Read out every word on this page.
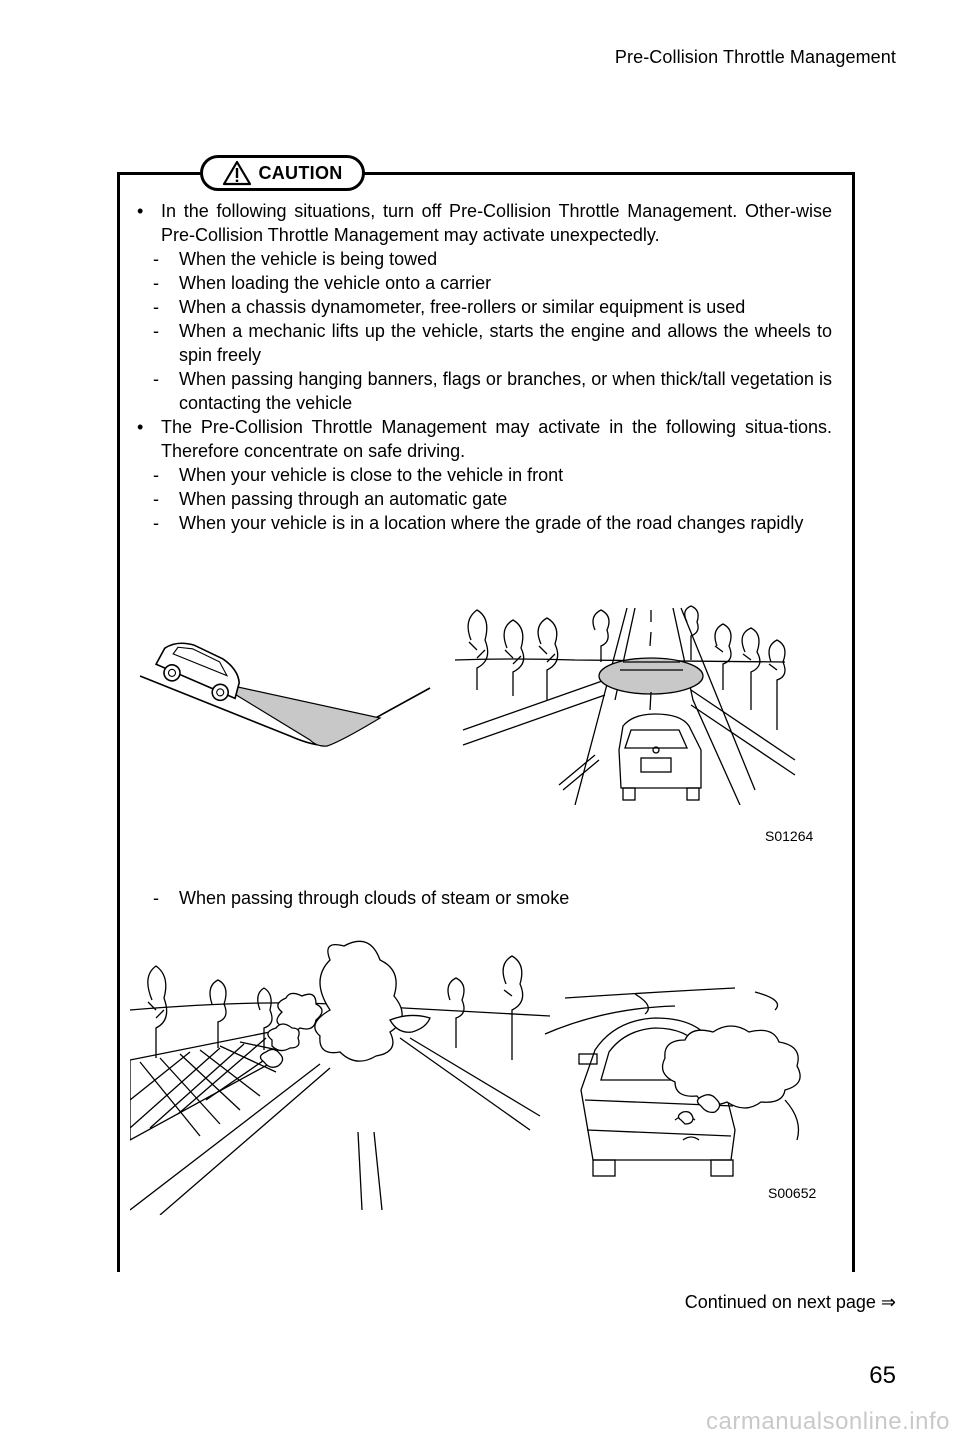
Pre-Collision Throttle Management
CAUTION
• In the following situations, turn off Pre-Collision Throttle Management. Other-wise Pre-Collision Throttle Management may activate unexpectedly.
- When the vehicle is being towed
- When loading the vehicle onto a carrier
- When a chassis dynamometer, free-rollers or similar equipment is used
- When a mechanic lifts up the vehicle, starts the engine and allows the wheels to spin freely
- When passing hanging banners, flags or branches, or when thick/tall vegetation is contacting the vehicle
• The Pre-Collision Throttle Management may activate in the following situa-tions. Therefore concentrate on safe driving.
- When your vehicle is close to the vehicle in front
- When passing through an automatic gate
- When your vehicle is in a location where the grade of the road changes rapidly
S01264
- When passing through clouds of steam or smoke
S00652
Continued on next page ⇒
65
carmanualsonline.info
